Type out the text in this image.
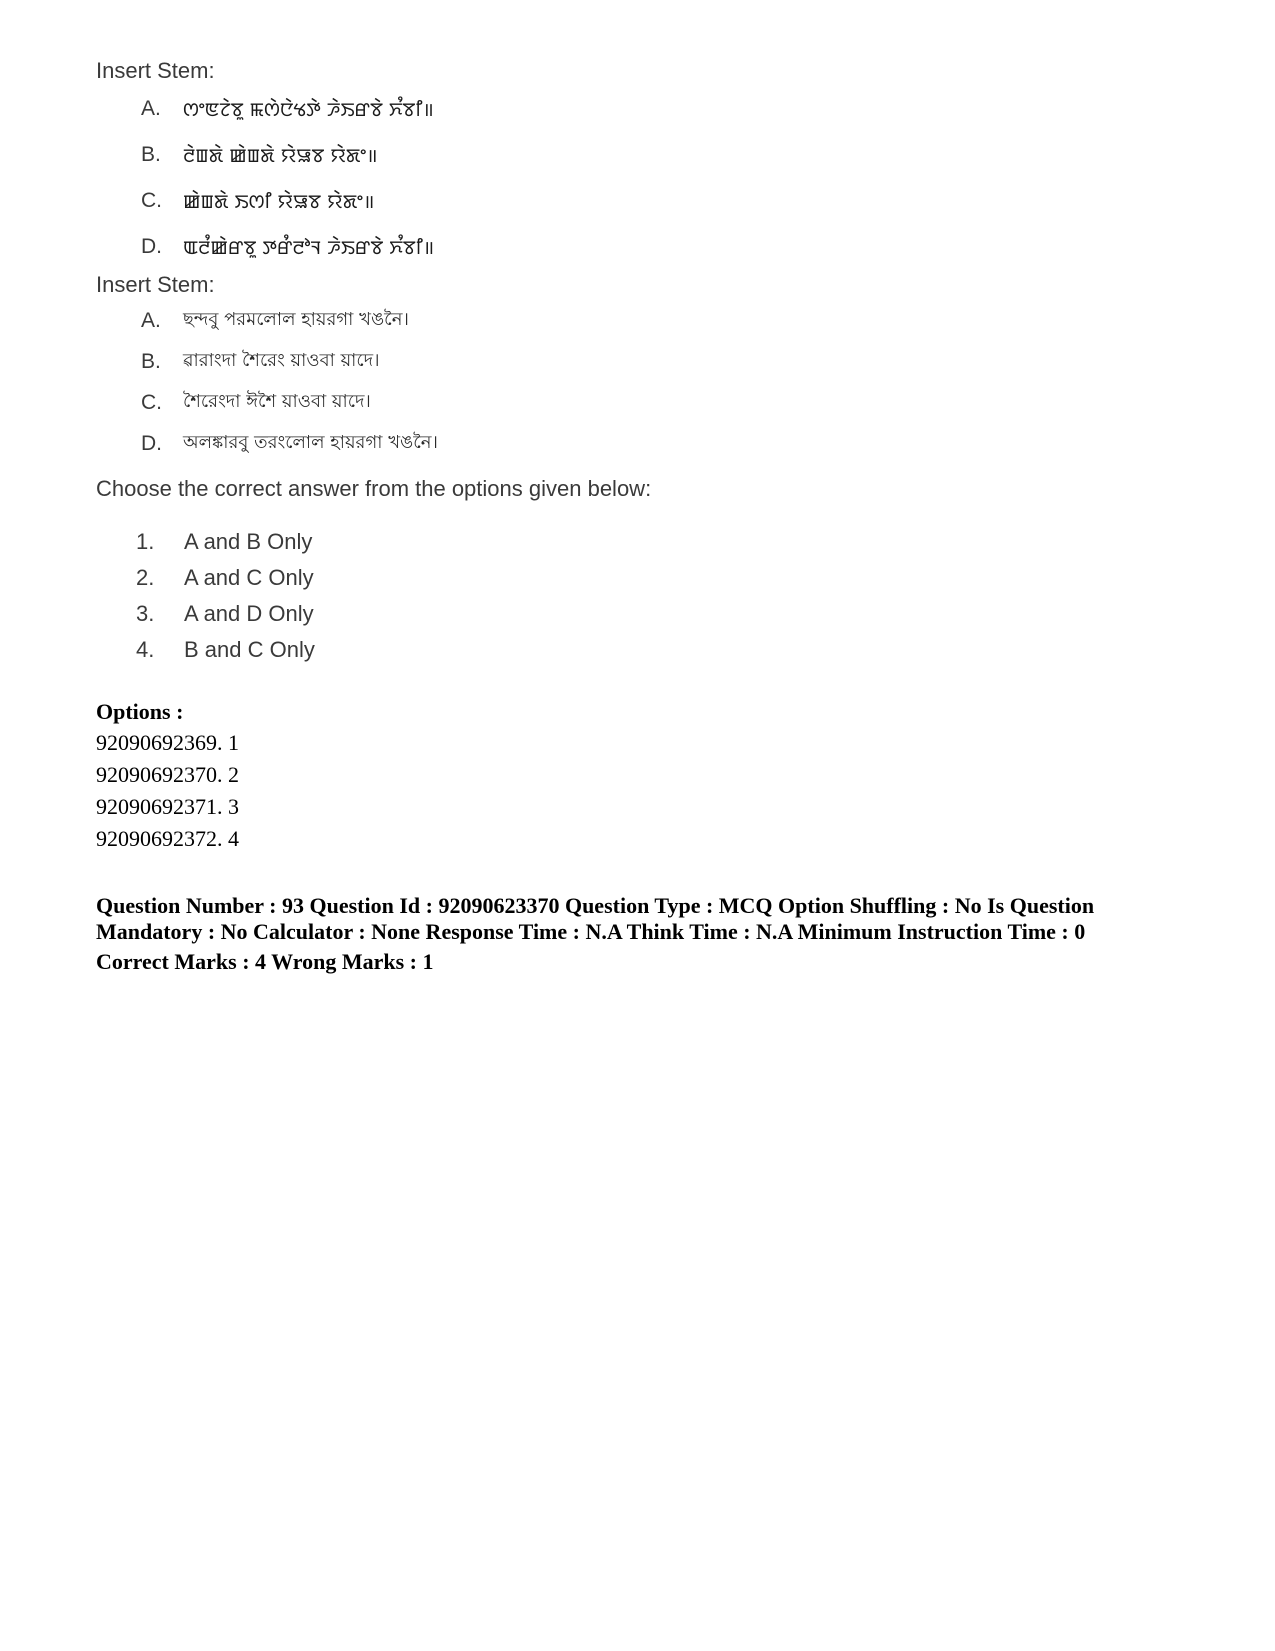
Insert Stem:

A.	ꯁꯦꯟꯖꯥꯕꯨ ꯃꯁꯥꯅꯥꯠꯇꯥ ꯍꯥꯏꯔꯕꯥ ꯈꯪꯕꯤ॥
B.	ꯂꯥꯡꯗꯥ ꯀꯥꯡꯗꯥ ꯌꯥꯎꯕ ꯌꯥꯗꯦ॥
C.	ꯀꯥꯡꯗꯥ ꯏꯁꯤ ꯌꯥꯎꯕ ꯌꯥꯗꯦ॥
D.	ꯑꯂꯪꯀꯥꯔꯕꯨ ꯇꯔꯪꯂꯣꯜ ꯍꯥꯏꯔꯕꯥ ꯈꯪꯕꯤ॥

Insert Stem:

A.	ছন্দবু পরমলোল হায়রগা খঙনৈ।
B.	ৱারাংদা শৈরেং য়াওবা য়াদে।
C.	শৈরেংদা ঈশৈ য়াওবা য়াদে।
D.	অলঙ্কারবু তরংলোল হায়রগা খঙনৈ।

Choose the correct answer from the options given below:

1.	A and B Only
2.	A and C Only
3.	A and D Only
4.	B and C Only

Options :

92090692369. 1

92090692370. 2

92090692371. 3

92090692372. 4

Question Number : 93 Question Id : 92090623370 Question Type : MCQ Option Shuffling : No Is Question
Mandatory : No Calculator : None Response Time : N.A Think Time : N.A Minimum Instruction Time : 0
Correct Marks : 4 Wrong Marks : 1
